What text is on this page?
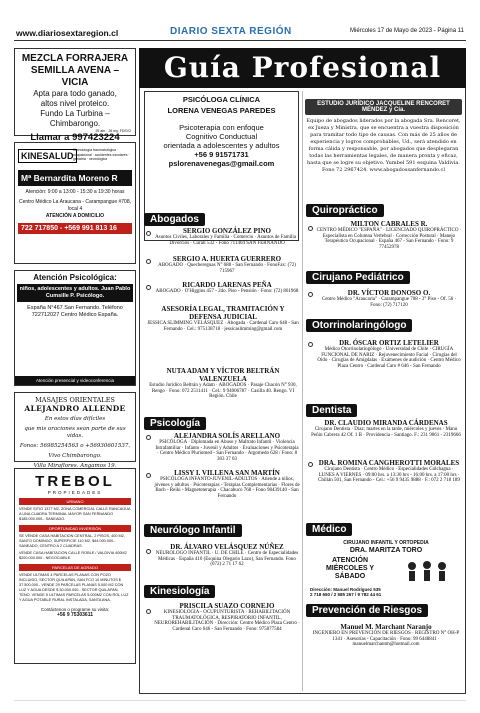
www.diariosextaregion.cl	DIARIO SEXTA REGIÓN	Miércoles 17 de Mayo de 2023 - Página 11
MEZCLA FORRAJERA
SEMILLA AVENA – VICIA
Apta para todo ganado,
altos nivel proteico.
Fundo La Turbina –Chimbarongo.
Llamar a 997423224
25 abr - 26 my. FDSV2
KINESALUD
Kinesiología traumatológica · ocupacional · accidentes escolares · geriatría · neurológica
Mª Bernardita Moreno R
Atención: 9:00 a 13:00 - 15:30 a 19:30 horas
Centro Médico La Araucana - Carampangue #708, local 4
ATENCIÓN A DOMICILIO
722 717850 - +569 991 813 16
Atención Psicológica:
niños, adolescentes y adultos. Juan Pablo Cumsille P. Psicólogo.
España N°467 San Fernando. Teléfono 722712027 Centro Médico España.
Atención presencial y videoconferencia
MASAJES ORIENTALES
ALEJANDRO ALLENDE
En estos días difíciles
que mis oraciones sean parte de sus vidas.
Fonos: 56985254563 o +56930601537.
Vivo Chimbarongo.
Villa Miraflores. Angamos 19.
TREBOL
PROPIEDADES
URBANO
VENDE SITIO 1377 M2, ZONA COMERCIAL CALLE RANCAGUA A UNA CUADRA TERMINAL MAYOR SAN FERNANDO $185.000.000.- SANEADO.
OPORTUNIDAD INVERSIÓN
SE VENDE CASA HABITACION CENTRAL, 2 PISOS, 400 M2, SANTO DOMINGO, SUPERFICIE 110 M2, $44.000.000.- SANEADO, CENTRO A 2 CUADRAS.
VENDE CASA HABITACION CALLE ROBLE / VALDIVIA 400M2 $200.000.000 - NEGOCIABLE.
PARCELAS DE AGRADO
VENDE ULTIMAS 4 PARCELAS PLANAS CON POZO INCLUIDO, SECTOR QUILAPAN, SAN FCO 10 MINUTOS $ 37.500.000.- VENDE 29 PARCELAS PLANAS 5.000 M2 CON LUZ Y AGUA DESDE $ 30.000.000.- SECTOR QUILAPAN, TENO. VENDE 5 ULTIMAS PARCELAS 5.000M2 CON ROL LUZ Y AGUA POTABLE RURAL INSTALADA, SANTA ANA.
Contáctenos o programe su visita:
+56 9 75303611
Guía Profesional
PSICÓLOGA CLÍNICA
LORENA VENEGAS PAREDES
Psicoterapia con enfoque
Cognitivo Conductual
orientada a adolescentes y adultos
+56 9 91571731
pslorenavenegas@gmail.com
ESTUDIO JURÍDICO JACQUELINE RENCORET MÉNDEZ y Cía.
Equipo de abogados liderados por la abogada Sra. Rencoret, ex Jueza y Ministra, que se encuentra a vuestra disposición para tramitar todo tipo de causas. Con más de 25 años de experiencia y logros comprobables, Ud., será atendido en forma cálida y responsable, por abogados que desplegaran todas las herramientas legales, de manera pronta y eficaz, hasta que se logre su objetivo. Yumbel 591 esquina Valdivia. Fono 72 2967424. www.abogadossanfernando.cl
Abogados
SERGIO GONZÁLEZ PINO
Asuntos Civiles, Laborales y Familia · Comercio · Asuntos de Familia · Divorcios · Curali 532 - Fono 711404 SAN FERNANDO
SERGIO A. HUERTA GUERRERO
ABOGADO · Quechereguas N° 688 - San Fernando · FonoFax: (72) 715967
RICARDO LARENAS PEÑA
ABOGADO · O'Higgins 457 - 2do. Piso - Pensión · Fono: (72) 861968
ASESORÍA LEGAL, TRAMITACIÓN Y DEFENSA JUDICIAL
JESSICA SLIMMING VELÁSQUEZ · Abogada · Cardenal Caro 648 - San Fernando · Cel.: 975138718 · jessicaslimming@gmail.com
NUTA ADAM Y VÍCTOR BELTRÁN VALENZUELA
Estudio Jurídico Beltrán y Adam · ABOGADOS · Pasaje Chacón N° 930, Rengo · Fono: 072 2511411 · Cel.: 9 94006787 · Casilla 40. Rengo. VI Región. Chile
Psicología
ALEJANDRA SOLÍS ARELLANO
PSICÓLOGA · Diplomada en Abuso y Maltrato Infantil · Violencia Intrafamiliar · Infanto - Juvenil y Adultos · Evaluaciones y Psicoterapia · Centro Médico Pluriomed - San Fernando · Argomedo 628 / Fono: 8 303 37 03
LISSY I. VILLENA SAN MARTÍN
PSICÓLOGA INFANTO-JUVENIL-ADULTOS · Atiende a niños, jóvenes y adultos · Psicoterapias - Terapias Complementarias · Flores de Bach - Reiki - Magnetoterapia · Chacabuco 768 - Fono 98439140 - San Fernando
Neurólogo Infantil
DR. ÁLVARO VELÁSQUEZ NÚÑEZ
NEUROLOGO INFANTIL · U. DE CHILE · Centro de Especialidades Médicas · España 410 (Esquina Olegario Lazo), San Fernando. Fono (072) 2 71 17 62
Kinesiología
PRISCILA SUAZO CORNEJO
KINESIOLOGIA - OCUPUNTURISTA · REHABILITACIÓN TRAUMATOLÓGICA, RESPIRATORIO INFANTIL, NEUROREHABILITACIÓN · Dirección: Centro Médico Plaza Centro · Cardenal Caro 646 - San Fernando · Fono: 975877584
Quiropráctico
MILTON CABRALES R.
CENTRO MÉDICO "ESPAÑA" · LICENCIADO QUIROPRÁCTICO · Especialista en Columna Vertebral · Corrección Postural · Manejo Terapéutico Ocupacional · España 467 - San Fernando · Fono: 9 77452978
Cirujano Pediátrico
DR. VÍCTOR DONOSO O.
Centro Médico "Araucaria" · Carampangue 708 - 3° Piso - Of. 56 · Fono: (72) 717120
Otorrinolaringólogo
DR. ÓSCAR ORTIZ LETELIER
Médico Otorrinolaringólogo · Universidad de Chile · CIRUGÍA FUNCIONAL DE NARIZ · Rejuvenecimiento Facial · Cirugías del Oído · Cirugías de Amígdalas · Exámenes de audición · Centro Médico Plaza Centro · Cardenal Caro # 646 - San Fernando
Dentista
DR. CLAUDIO MIRANDA CÁRDENAS
Cirujano Dentista · Diaz: martes en la tarde, miércoles y jueves · Manu Peñin Cabrera 42 Of. 1 B · Providencia - Santiago. F.: 231 9061 - 2319666
DRA. ROMINA CANGHEROTTI MORALES
Cirujano Dentista · Centro Médico · Especialidades Colchagua · LUNES A VIERNES · 09:00 hrs. a 13:30 hrs - 16:00 hrs. a 17:00 hrs · Chillán 501, San Fernando - Cel.: +56 9 9435 9888 · F.: 072 2 718 189
Médico
CIRUJANO INFANTIL Y ORTOPEDIA
DRA. MARITZA TORO
ATENCIÓN
MIÉRCOLES Y SÁBADO
Dirección: Manuel Rodríguez 535
2 718 650 / 2 585 267 / 9 782 44 61
Prevención de Riesgos
Manuel M. Marchant Naranjo
INGENIERO EN PREVENCIÓN DE RIESGOS · REGISTRO N° OH-P 1341 · Asesorías - Capacitación · Fono: 99 6448841 · manuelmarchantm@hotmail.com
